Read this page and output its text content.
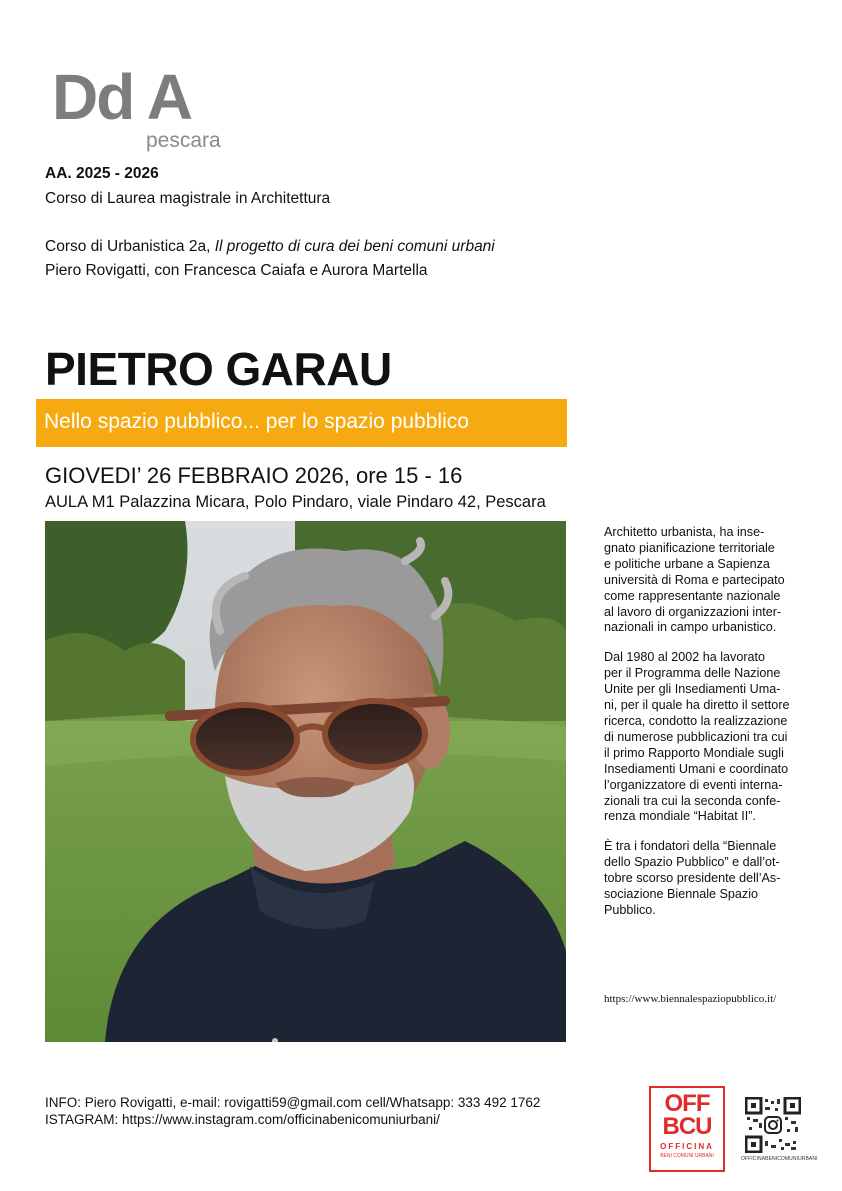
Dd A
pescara
AA. 2025 - 2026
Corso di Laurea magistrale in Architettura
Corso di Urbanistica 2a, Il progetto di cura dei beni comuni urbani
Piero Rovigatti, con Francesca Caiafa e Aurora Martella
PIETRO GARAU
Nello spazio pubblico... per lo spazio pubblico
GIOVEDI’ 26 FEBBRAIO 2026, ore 15 - 16
AULA M1 Palazzina Micara, Polo Pindaro, viale Pindaro 42, Pescara

Architetto urbanista, ha inse-
gnato pianificazione territoriale
e politiche urbane a Sapienza
università di Roma e partecipato
come rappresentante nazionale
al lavoro di organizzazioni inter-
nazionali in campo urbanistico.

Dal 1980 al 2002 ha lavorato
per il Programma delle Nazione
Unite per gli Insediamenti Uma-
ni, per il quale ha diretto il settore
ricerca, condotto la realizzazione
di numerose pubblicazioni tra cui
il primo Rapporto Mondiale sugli
Insediamenti Umani e coordinato
l’organizzatore di eventi interna-
zionali tra cui la seconda confe-
renza mondiale “Habitat II”.

È tra i fondatori della “Biennale
dello Spazio Pubblico” e dall’ot-
tobre scorso presidente dell’As-
sociazione Biennale Spazio
Pubblico.

https://www.biennalespaziopubblico.it/
INFO: Piero Rovigatti, e-mail: rovigatti59@gmail.com cell/Whatsapp: 333 492 1762
ISTAGRAM: https://www.instagram.com/officinabenicomuniurbani/
OFF
BCU
OFFICINA
BENI COMUNI URBANI	OFFICINABENICOMUNIURBANI
